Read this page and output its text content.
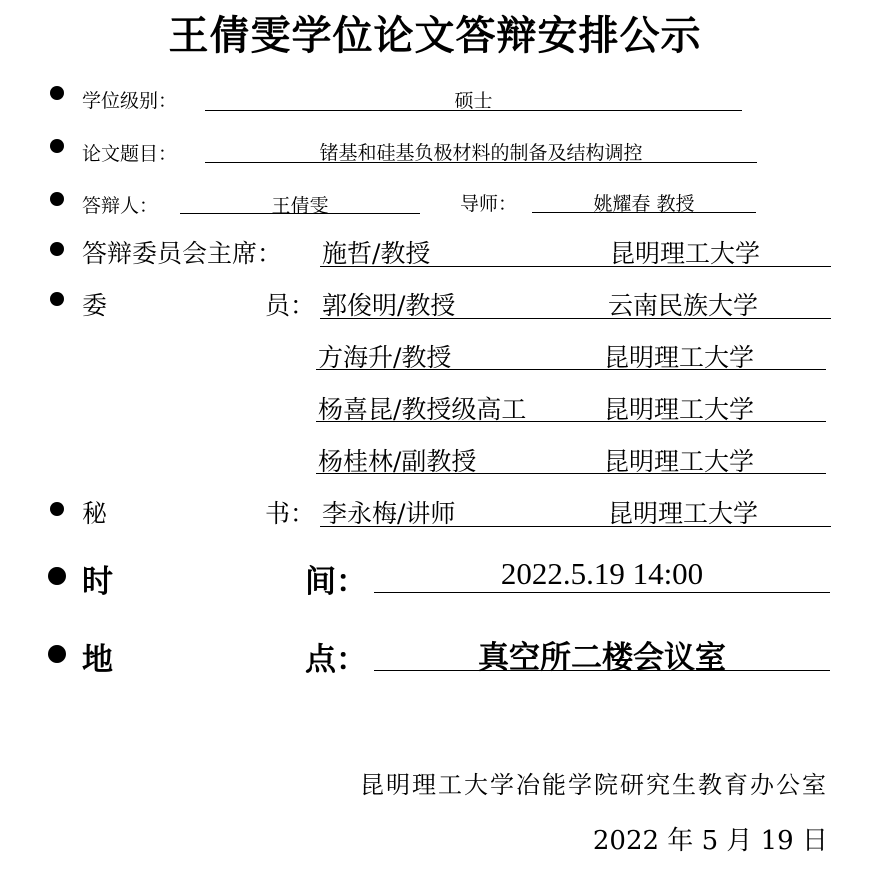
王倩雯学位论文答辩安排公示
学位级别：	硕士
论文题目：	锗基和硅基负极材料的制备及结构调控
答辩人：	王倩雯	导师：	姚耀春 教授
答辩委员会主席： 施哲/教授	昆明理工大学
委	员： 郭俊明/教授	云南民族大学
方海升/教授	昆明理工大学
杨喜昆/教授级高工	昆明理工大学
杨桂林/副教授	昆明理工大学
秘	书： 李永梅/讲师	昆明理工大学
时	间：	2022.5.19 14:00
地	点：	真空所二楼会议室
昆明理工大学冶能学院研究生教育办公室
2022 年 5 月 19 日
